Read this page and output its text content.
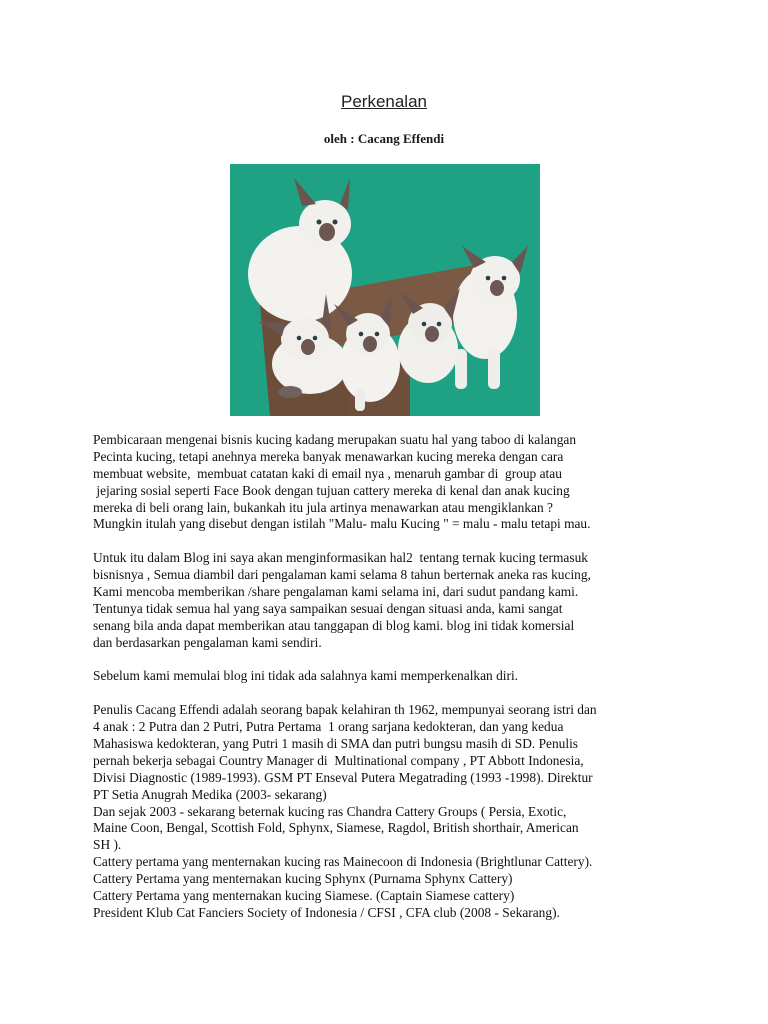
Perkenalan
oleh : Cacang Effendi
Pembicaraan mengenai bisnis kucing kadang merupakan suatu hal yang taboo di kalangan
Pecinta kucing, tetapi anehnya mereka banyak menawarkan kucing mereka dengan cara
membuat website,  membuat catatan kaki di email nya , menaruh gambar di  group atau
jejaring sosial seperti Face Book dengan tujuan cattery mereka di kenal dan anak kucing
mereka di beli orang lain, bukankah itu jula artinya menawarkan atau mengiklankan ?
Mungkin itulah yang disebut dengan istilah "Malu- malu Kucing " = malu - malu tetapi mau.
Untuk itu dalam Blog ini saya akan menginformasikan hal2  tentang ternak kucing termasuk
bisnisnya , Semua diambil dari pengalaman kami selama 8 tahun berternak aneka ras kucing,
Kami mencoba memberikan /share pengalaman kami selama ini, dari sudut pandang kami.
Tentunya tidak semua hal yang saya sampaikan sesuai dengan situasi anda, kami sangat
senang bila anda dapat memberikan atau tanggapan di blog kami. blog ini tidak komersial
dan berdasarkan pengalaman kami sendiri.
Sebelum kami memulai blog ini tidak ada salahnya kami memperkenalkan diri.
Penulis Cacang Effendi adalah seorang bapak kelahiran th 1962, mempunyai seorang istri dan
4 anak : 2 Putra dan 2 Putri, Putra Pertama  1 orang sarjana kedokteran, dan yang kedua
Mahasiswa kedokteran, yang Putri 1 masih di SMA dan putri bungsu masih di SD. Penulis
pernah bekerja sebagai Country Manager di  Multinational company , PT Abbott Indonesia,
Divisi Diagnostic (1989-1993). GSM PT Enseval Putera Megatrading (1993 -1998). Direktur
PT Setia Anugrah Medika (2003- sekarang)
Dan sejak 2003 - sekarang beternak kucing ras Chandra Cattery Groups ( Persia, Exotic,
Maine Coon, Bengal, Scottish Fold, Sphynx, Siamese, Ragdol, British shorthair, American
SH ).
Cattery pertama yang menternakan kucing ras Mainecoon di Indonesia (Brightlunar Cattery).
Cattery Pertama yang menternakan kucing Sphynx (Purnama Sphynx Cattery)
Cattery Pertama yang menternakan kucing Siamese. (Captain Siamese cattery)
President Klub Cat Fanciers Society of Indonesia / CFSI , CFA club (2008 - Sekarang).
